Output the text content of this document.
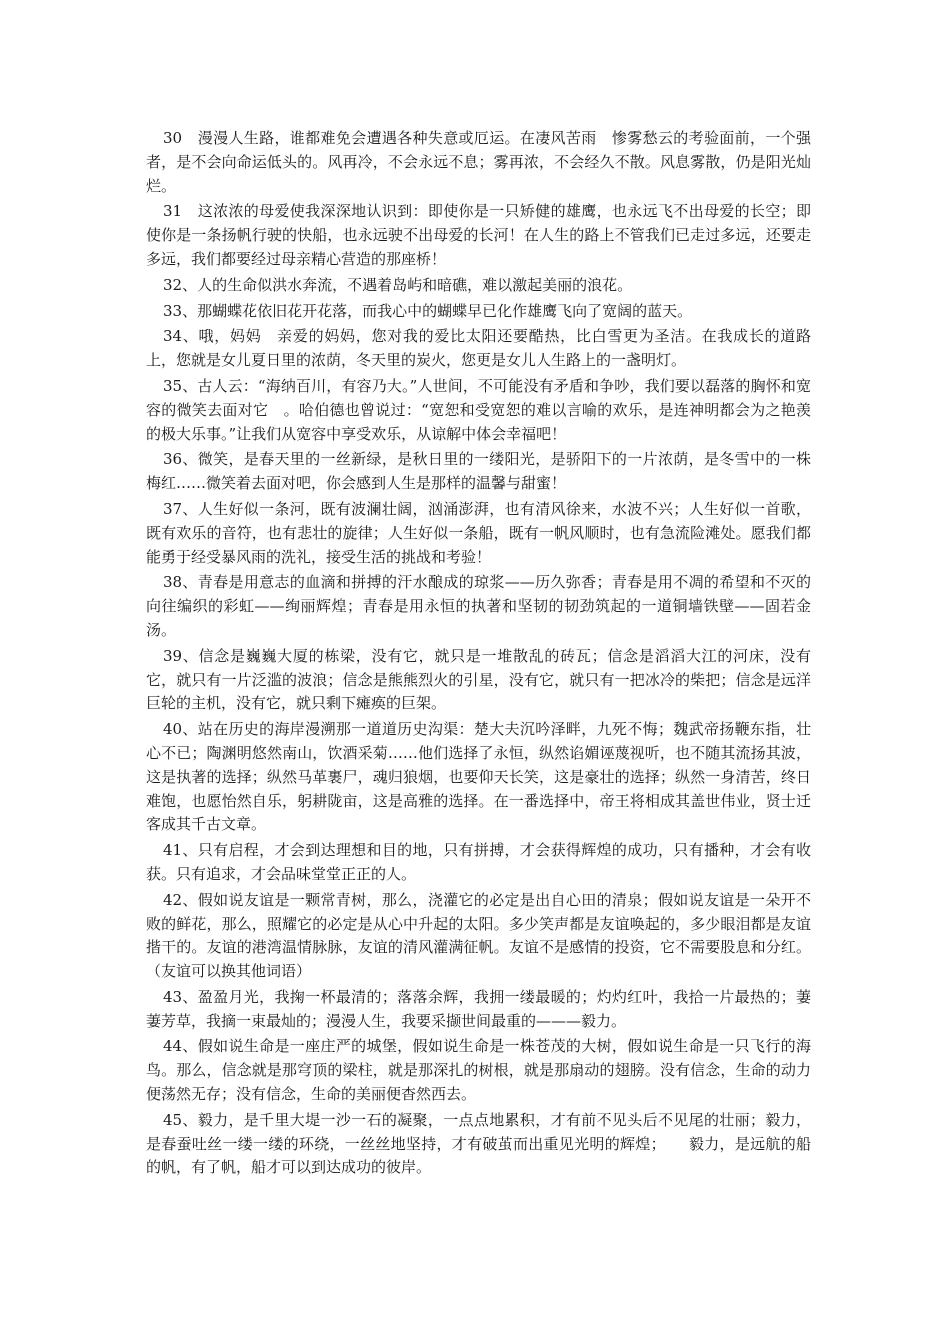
30　漫漫人生路，谁都难免会遭遇各种失意或厄运。在凄风苦雨　惨雾愁云的考验面前，一个强者，是不会向命运低头的。风再冷，不会永远不息；雾再浓，不会经久不散。风息雾散，仍是阳光灿烂。

31　这浓浓的母爱使我深深地认识到：即使你是一只矫健的雄鹰，也永远飞不出母爱的长空；即使你是一条扬帆行驶的快船，也永远驶不出母爱的长河！在人生的路上不管我们已走过多远，还要走多远，我们都要经过母亲精心营造的那座桥！

32、人的生命似洪水奔流，不遇着岛屿和暗礁，难以激起美丽的浪花。

33、那蝴蝶花依旧花开花落，而我心中的蝴蝶早已化作雄鹰飞向了宽阔的蓝天。

34、哦，妈妈　亲爱的妈妈，您对我的爱比太阳还要酷热，比白雪更为圣洁。在我成长的道路上，您就是女儿夏日里的浓荫，冬天里的炭火，您更是女儿人生路上的一盏明灯。

35、古人云：“海纳百川，有容乃大。”人世间，不可能没有矛盾和争吵，我们要以磊落的胸怀和宽容的微笑去面对它　。哈伯德也曾说过：“宽恕和受宽恕的难以言喻的欢乐，是连神明都会为之艳羡的极大乐事。”让我们从宽容中享受欢乐，从谅解中体会幸福吧！

36、微笑，是春天里的一丝新绿，是秋日里的一缕阳光，是骄阳下的一片浓荫，是冬雪中的一株梅红……微笑着去面对吧，你会感到人生是那样的温馨与甜蜜！

37、人生好似一条河，既有波澜壮阔，汹涌澎湃，也有清风徐来，水波不兴；人生好似一首歌，既有欢乐的音符，也有悲壮的旋律；人生好似一条船，既有一帆风顺时，也有急流险滩处。愿我们都能勇于经受暴风雨的洗礼，接受生活的挑战和考验！

38、青春是用意志的血滴和拼搏的汗水酿成的琼浆——历久弥香；青春是用不凋的希望和不灭的向往编织的彩虹——绚丽辉煌；青春是用永恒的执著和坚韧的韧劲筑起的一道铜墙铁壁——固若金汤。

39、信念是巍巍大厦的栋梁，没有它，就只是一堆散乱的砖瓦；信念是滔滔大江的河床，没有它，就只有一片泛滥的波浪；信念是熊熊烈火的引星，没有它，就只有一把冰冷的柴把；信念是远洋巨轮的主机，没有它，就只剩下瘫痪的巨架。

40、站在历史的海岸漫溯那一道道历史沟渠：楚大夫沉吟泽畔，九死不悔；魏武帝扬鞭东指，壮心不已；陶渊明悠然南山，饮酒采菊……他们选择了永恒，纵然谄媚诬蔑视听，也不随其流扬其波，这是执著的选择；纵然马革裹尸，魂归狼烟，也要仰天长笑，这是豪壮的选择；纵然一身清苦，终日难饱，也愿怡然自乐，躬耕陇亩，这是高雅的选择。在一番选择中，帝王将相成其盖世伟业，贤士迁客成其千古文章。

41、只有启程，才会到达理想和目的地，只有拼搏，才会获得辉煌的成功，只有播种，才会有收获。只有追求，才会品味堂堂正正的人。

42、假如说友谊是一颗常青树，那么，浇灌它的必定是出自心田的清泉；假如说友谊是一朵开不败的鲜花，那么，照耀它的必定是从心中升起的太阳。多少笑声都是友谊唤起的，多少眼泪都是友谊揩干的。友谊的港湾温情脉脉，友谊的清风灌满征帆。友谊不是感情的投资，它不需要股息和分红。（友谊可以换其他词语）

43、盈盈月光，我掬一杯最清的；落落余辉，我拥一缕最暖的；灼灼红叶，我拾一片最热的；萋萋芳草，我摘一束最灿的；漫漫人生，我要采撷世间最重的———毅力。

44、假如说生命是一座庄严的城堡，假如说生命是一株苍茂的大树，假如说生命是一只飞行的海鸟。那么，信念就是那穹顶的梁柱，就是那深扎的树根，就是那扇动的翅膀。没有信念，生命的动力便荡然无存；没有信念，生命的美丽便杳然西去。

45、毅力，是千里大堤一沙一石的凝聚，一点点地累积，才有前不见头后不见尾的壮丽；毅力，是春蚕吐丝一缕一缕的环绕，一丝丝地坚持，才有破茧而出重见光明的辉煌；　　毅力，是远航的船的帆，有了帆，船才可以到达成功的彼岸。
